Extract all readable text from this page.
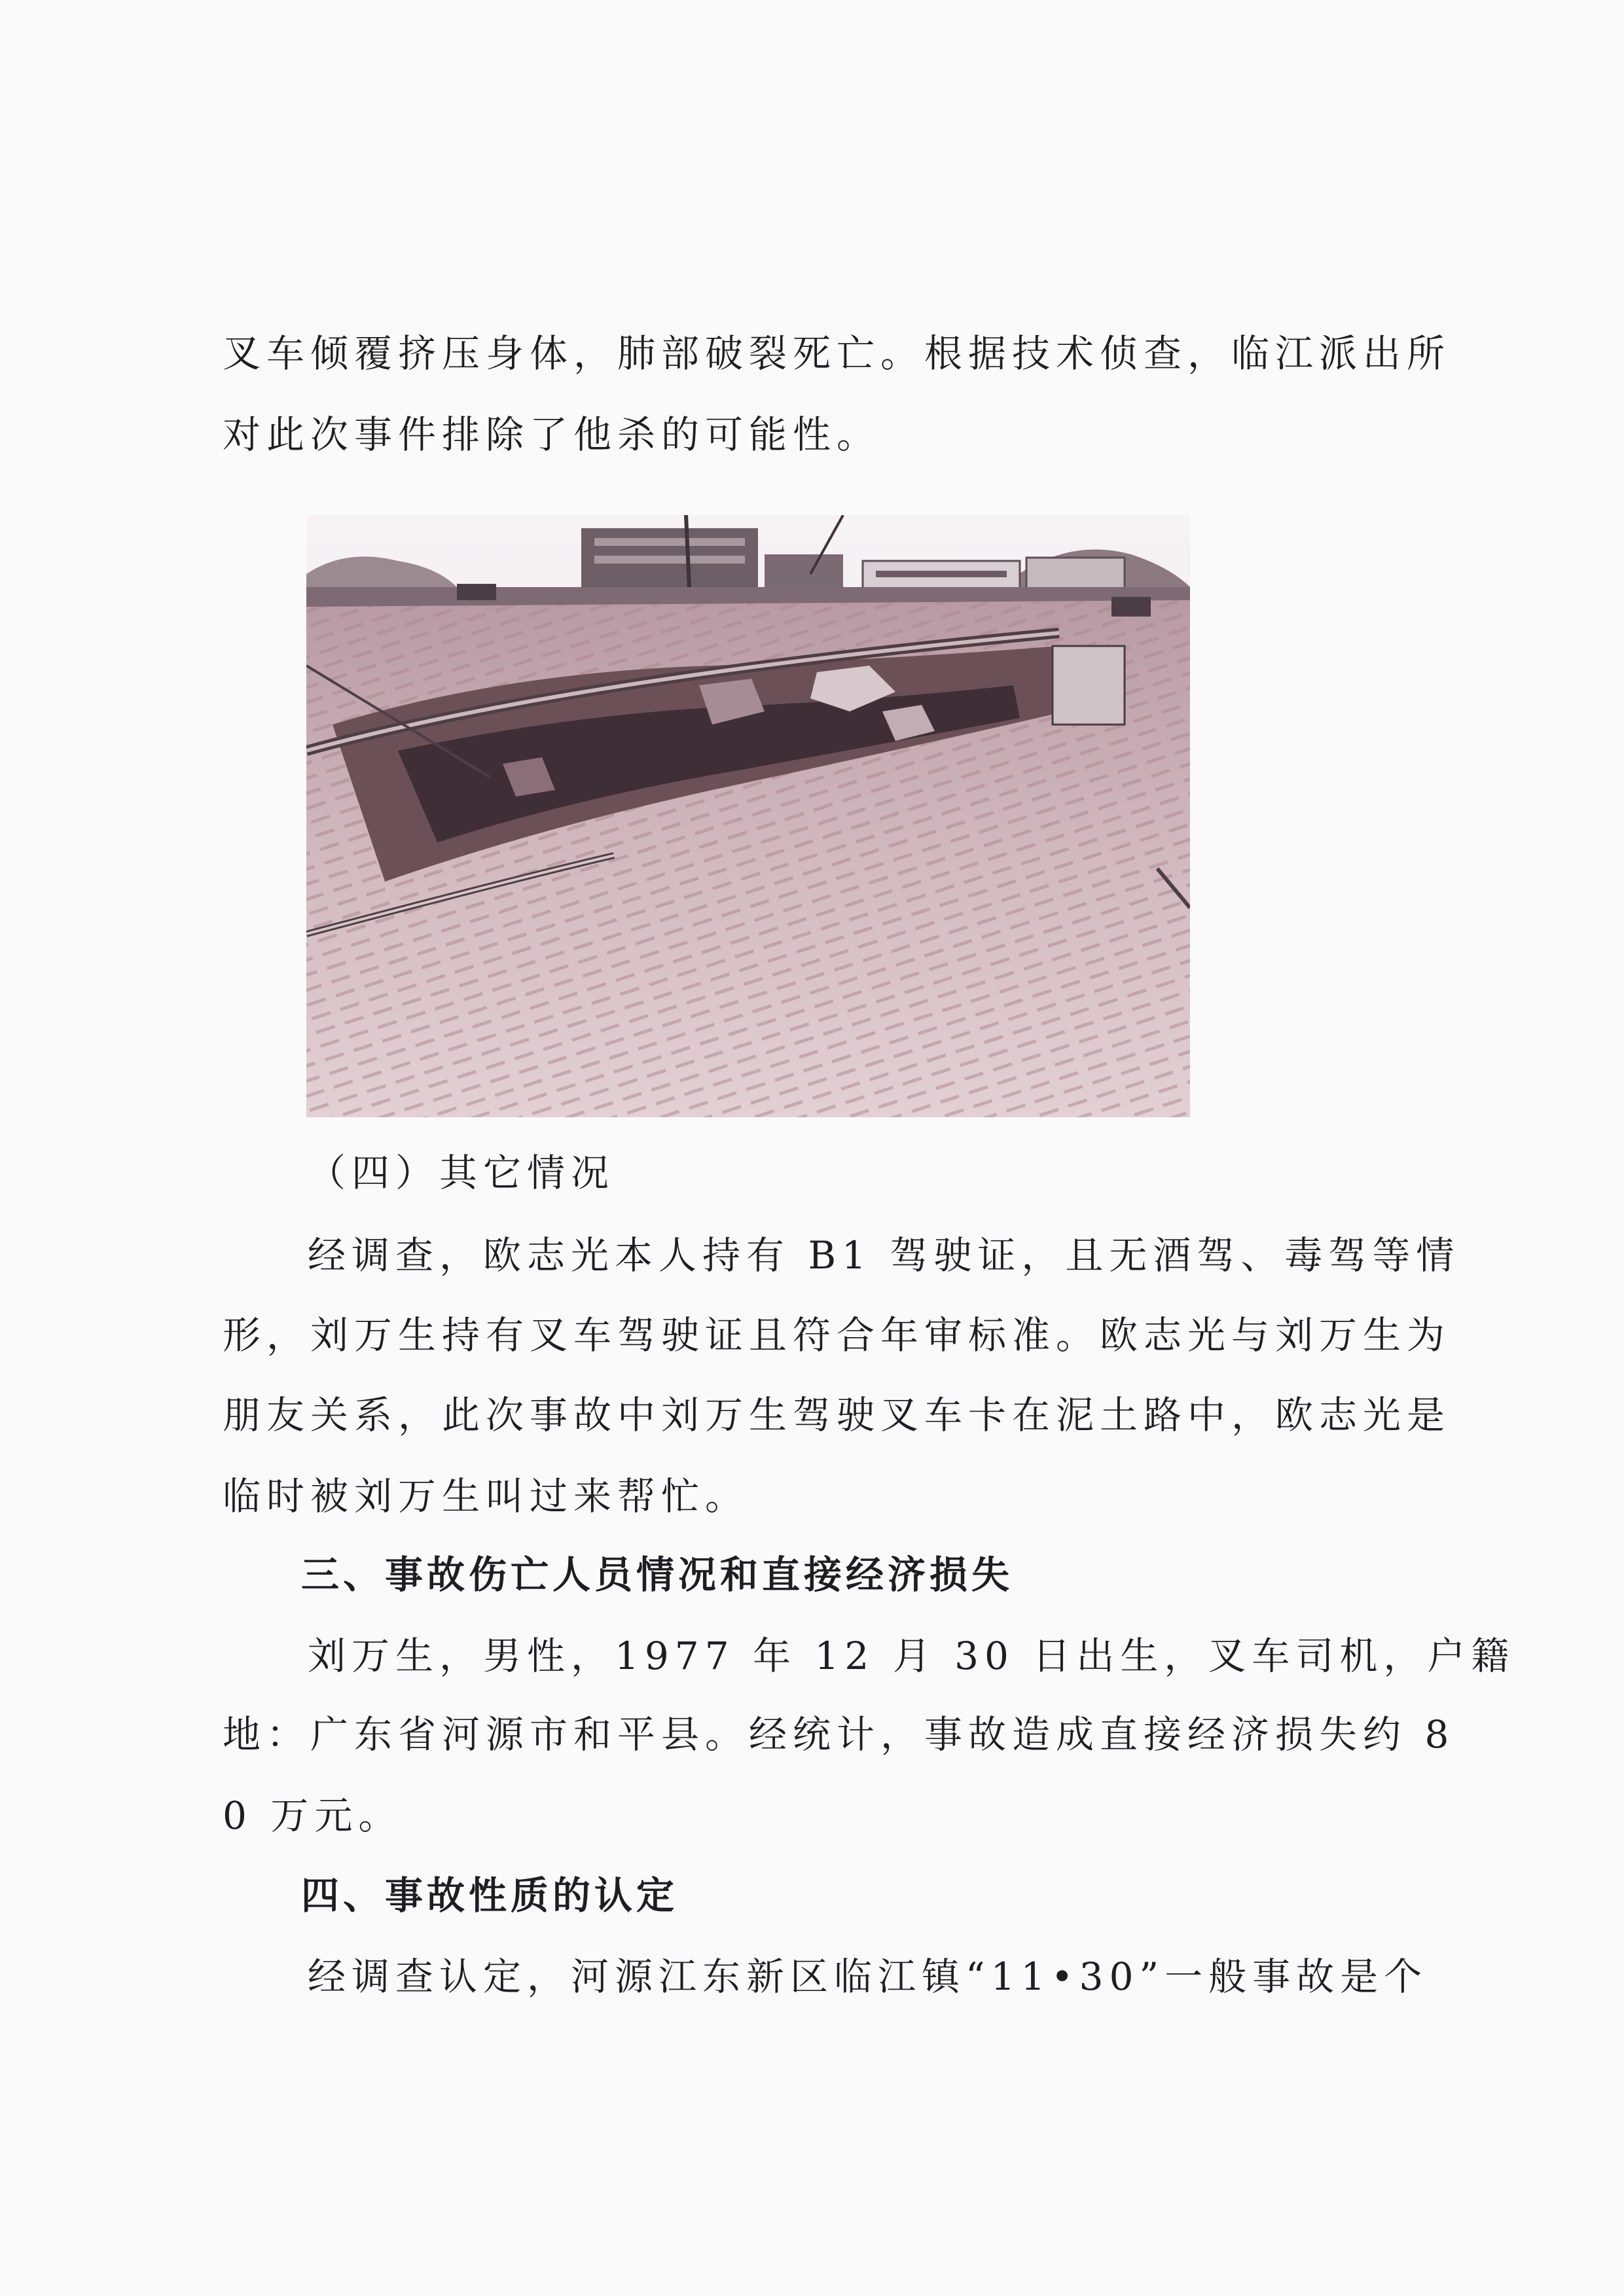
叉车倾覆挤压身体，肺部破裂死亡。根据技术侦查，临江派出所
对此次事件排除了他杀的可能性。
（四）其它情况
经调查，欧志光本人持有 B1 驾驶证，且无酒驾、毒驾等情
形，刘万生持有叉车驾驶证且符合年审标准。欧志光与刘万生为
朋友关系，此次事故中刘万生驾驶叉车卡在泥土路中，欧志光是
临时被刘万生叫过来帮忙。
三、事故伤亡人员情况和直接经济损失
刘万生，男性，1977 年 12 月 30 日出生，叉车司机，户籍
地：广东省河源市和平县。经统计，事故造成直接经济损失约 8
0 万元。
四、事故性质的认定
经调查认定，河源江东新区临江镇“11•30”一般事故是个
